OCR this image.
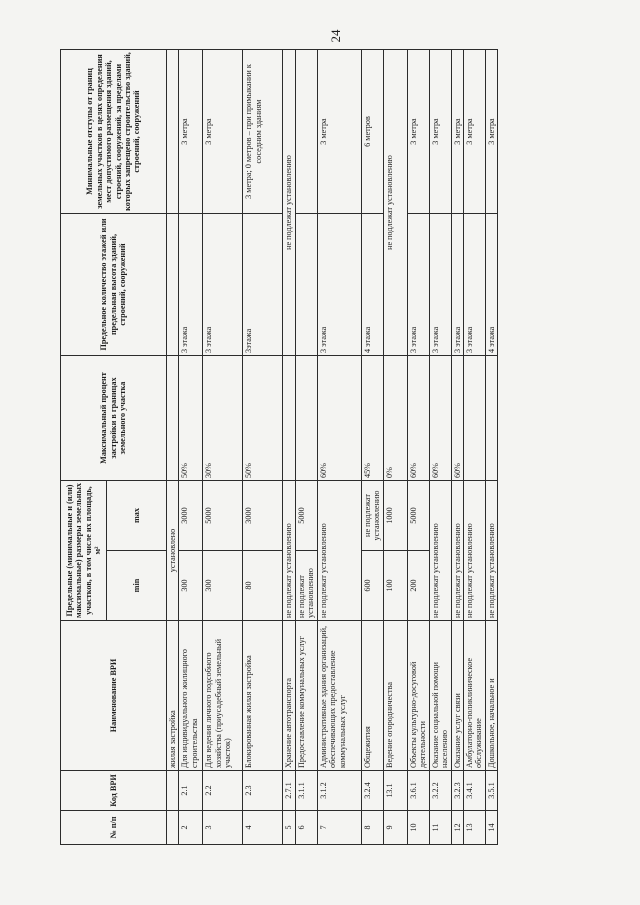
24
№ п/п	Код ВРИ	Наименование ВРИ	Предельные (минимальные и (или) максимальные) размеры земельных участков, в том числе их площадь, м²		Максимальный процент застройки в границах земельного участка	Предельное количество этажей или предельная высота зданий, строений, сооружений	Минимальные отступы от границ земельных участков в целях определения мест допустимого размещения зданий, строений, сооружений, за пределами которых запрещено строительство зданий, строений, сооружений
			min	max			
		жилая застройка	установлено				
2	2.1	Для индивидуального жилищного строительства	300	3000	50%	3 этажа	3 метра
3	2.2	Для ведения личного подсобного хозяйства (приусадебный земельный участок)	300	5000	30%	3 этажа	3 метра
4	2.3	Блокированная жилая застройка	80	3000	50%	3этажа	3 метра; 0 метров – при примыкании к соседним зданиям
5	2.7.1	Хранение автотранспорта	не подлежат установлению			не подлежат установлению	
6	3.1.1	Предоставление коммунальных услуг	не подлежат установлению	5000			
7	3.1.2	Административные здания организаций, обеспечивающих предоставление коммунальных услуг	не подлежат установлению		60%	3 этажа	3 метра
8	3.2.4	Общежития	600	не подлежат установлению	45%	4 этажа	6 метров
9	13.1	Ведение огородничества	100	1000	0%	не подлежат установлению	
10	3.6.1	Объекты культурно-досуговой деятельности	200	5000	60%	3 этажа	3 метра
11	3.2.2	Оказание социальной помощи населению	не подлежат установлению		60%	3 этажа	3 метра
12	3.2.3	Оказание услуг связи	не подлежат установлению		60%	3 этажа	3 метра
13	3.4.1	Амбулаторно-поликлиническое обслуживание	не подлежат установлению			3 этажа	3 метра
14	3.5.1	Дошкольное, начальное и	не подлежат установлению			4 этажа	3 метра
